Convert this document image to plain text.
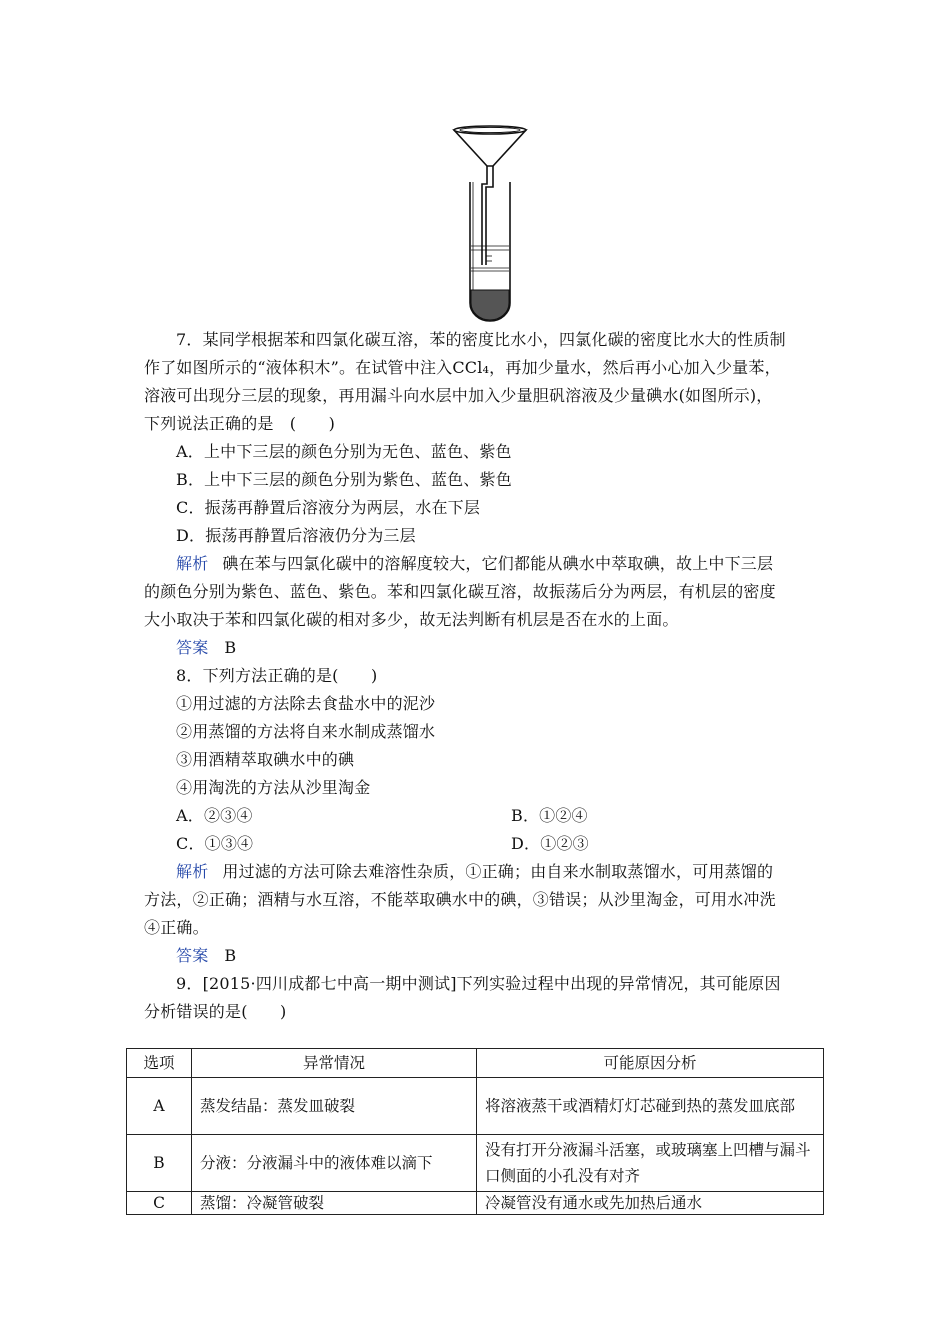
7．某同学根据苯和四氯化碳互溶，苯的密度比水小，四氯化碳的密度比水大的性质制
作了如图所示的“液体积木”。在试管中注入CCl₄，再加少量水，然后再小心加入少量苯，
溶液可出现分三层的现象，再用漏斗向水层中加入少量胆矾溶液及少量碘水(如图所示)，
下列说法正确的是　(　　)
A．上中下三层的颜色分别为无色、蓝色、紫色
B．上中下三层的颜色分别为紫色、蓝色、紫色
C．振荡再静置后溶液分为两层，水在下层
D．振荡再静置后溶液仍分为三层
解析 碘在苯与四氯化碳中的溶解度较大，它们都能从碘水中萃取碘，故上中下三层
的颜色分别为紫色、蓝色、紫色。苯和四氯化碳互溶，故振荡后分为两层，有机层的密度
大小取决于苯和四氯化碳的相对多少，故无法判断有机层是否在水的上面。
答案 B
8．下列方法正确的是(　　)
①用过滤的方法除去食盐水中的泥沙
②用蒸馏的方法将自来水制成蒸馏水
③用酒精萃取碘水中的碘
④用淘洗的方法从沙里淘金
A．②③④	B．①②④
C．①③④	D．①②③
解析 用过滤的方法可除去难溶性杂质，①正确；由自来水制取蒸馏水，可用蒸馏的
方法，②正确；酒精与水互溶，不能萃取碘水中的碘，③错误；从沙里淘金，可用水冲洗
④正确。
答案 B
9．[2015·四川成都七中高一期中测试]下列实验过程中出现的异常情况，其可能原因
分析错误的是(　　)
选项	异常情况	可能原因分析
A	蒸发结晶：蒸发皿破裂	将溶液蒸干或酒精灯灯芯碰到热的蒸发皿底部
B	分液：分液漏斗中的液体难以滴下	没有打开分液漏斗活塞，或玻璃塞上凹槽与漏斗口侧面的小孔没有对齐
C	蒸馏：冷凝管破裂	冷凝管没有通水或先加热后通水
